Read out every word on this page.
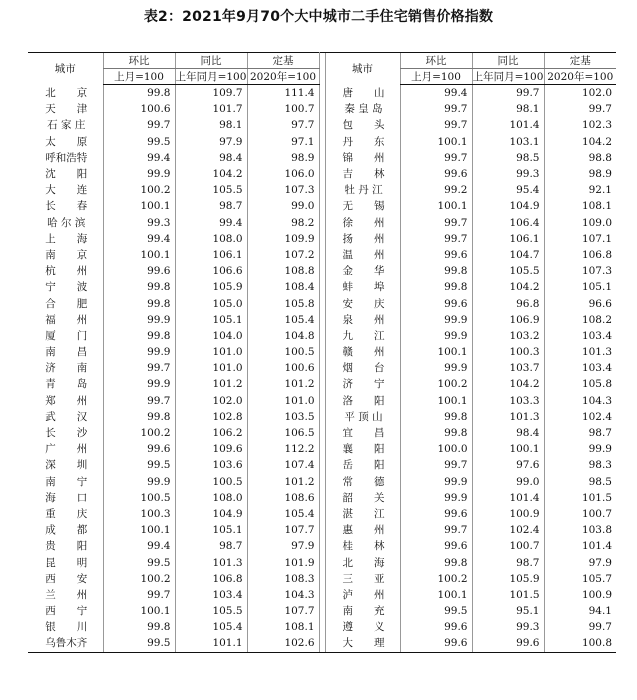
表2：2021年9月70个大中城市二手住宅销售价格指数
城市	环比	同比	定基		城市	环比	同比	定基
	上月=100	上年同月=100	2020年=100			上月=100	上年同月=100	2020年=100
北　　京	99.8	109.7	111.4		唐　　山	99.4	99.7	102.0
天　　津	100.6	101.7	100.7		秦 皇 岛	99.7	98.1	99.7
石 家 庄	99.7	98.1	97.7		包　　头	99.7	101.4	102.3
太　　原	99.5	97.9	97.1		丹　　东	100.1	103.1	104.2
呼和浩特	99.4	98.4	98.9		锦　　州	99.7	98.5	98.8
沈　　阳	99.9	104.2	106.0		吉　　林	99.6	99.3	98.9
大　　连	100.2	105.5	107.3		牡 丹 江	99.2	95.4	92.1
长　　春	100.1	98.7	99.0		无　　锡	100.1	104.9	108.1
哈 尔 滨	99.3	99.4	98.2		徐　　州	99.7	106.4	109.0
上　　海	99.4	108.0	109.9		扬　　州	99.7	106.1	107.1
南　　京	100.1	106.1	107.2		温　　州	99.6	104.7	106.8
杭　　州	99.6	106.6	108.8		金　　华	99.8	105.5	107.3
宁　　波	99.8	105.9	108.4		蚌　　埠	99.8	104.2	105.1
合　　肥	99.8	105.0	105.8		安　　庆	99.6	96.8	96.6
福　　州	99.9	105.1	105.4		泉　　州	99.9	106.9	108.2
厦　　门	99.8	104.0	104.8		九　　江	99.9	103.2	103.4
南　　昌	99.9	101.0	100.5		赣　　州	100.1	100.3	101.3
济　　南	99.7	101.0	100.6		烟　　台	99.9	103.7	103.4
青　　岛	99.9	101.2	101.2		济　　宁	100.2	104.2	105.8
郑　　州	99.7	102.0	101.0		洛　　阳	100.1	103.3	104.3
武　　汉	99.8	102.8	103.5		平 顶 山	99.8	101.3	102.4
长　　沙	100.2	106.2	106.5		宜　　昌	99.8	98.4	98.7
广　　州	99.6	109.6	112.2		襄　　阳	100.0	100.1	99.9
深　　圳	99.5	103.6	107.4		岳　　阳	99.7	97.6	98.3
南　　宁	99.9	100.5	101.2		常　　德	99.9	99.0	98.5
海　　口	100.5	108.0	108.6		韶　　关	99.9	101.4	101.5
重　　庆	100.3	104.9	105.4		湛　　江	99.6	100.9	100.7
成　　都	100.1	105.1	107.7		惠　　州	99.7	102.4	103.8
贵　　阳	99.4	98.7	97.9		桂　　林	99.6	100.7	101.4
昆　　明	99.5	101.3	101.9		北　　海	99.8	98.7	97.9
西　　安	100.2	106.8	108.3		三　　亚	100.2	105.9	105.7
兰　　州	99.7	103.4	104.3		泸　　州	100.1	101.5	100.9
西　　宁	100.1	105.5	107.7		南　　充	99.5	95.1	94.1
银　　川	99.8	105.4	108.1		遵　　义	99.6	99.3	99.7
乌鲁木齐	99.5	101.1	102.6		大　　理	99.6	99.6	100.8
